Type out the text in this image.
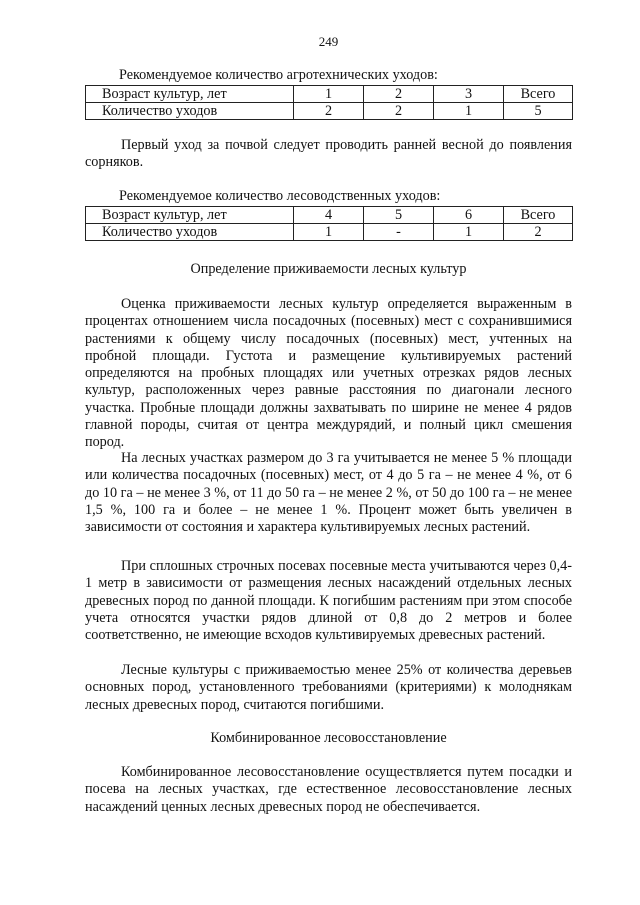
249
Рекомендуемое количество агротехнических уходов:
Возраст культур, лет	1	2	3	Всего
Количество уходов	2	2	1	5
Первый уход за почвой следует проводить ранней весной до появления сорняков.
Рекомендуемое количество лесоводственных уходов:
Возраст культур, лет	4	5	6	Всего
Количество уходов	1	-	1	2
Определение приживаемости лесных культур
Оценка приживаемости лесных культур определяется выраженным в процентах отношением числа посадочных (посевных) мест с сохранившимися растениями к общему числу посадочных (посевных) мест, учтенных на пробной площади. Густота и размещение культивируемых растений определяются на пробных площадях или учетных отрезках рядов лесных культур, расположенных через равные расстояния по диагонали лесного участка. Пробные площади должны захватывать по ширине не менее 4 рядов главной породы, считая от центра междурядий, и полный цикл смешения пород.
На лесных участках размером до 3 га учитывается не менее 5 % площади или количества посадочных (посевных) мест, от 4 до 5 га – не менее 4 %, от 6 до 10 га – не менее 3 %, от 11 до 50 га – не менее 2 %, от 50 до 100 га – не менее 1,5 %, 100 га и более – не менее 1 %. Процент может быть увеличен в зависимости от состояния и характера культивируемых лесных растений.
При сплошных строчных посевах посевные места учитываются через 0,4-1 метр в зависимости от размещения лесных насаждений отдельных лесных древесных пород по данной площади. К погибшим растениям при этом способе учета относятся участки рядов длиной от 0,8 до 2 метров и более соответственно, не имеющие всходов культивируемых древесных растений.
Лесные культуры с приживаемостью менее 25% от количества деревьев основных пород, установленного требованиями (критериями) к молоднякам лесных древесных пород, считаются погибшими.
Комбинированное лесовосстановление
Комбинированное лесовосстановление осуществляется путем посадки и посева на лесных участках, где естественное лесовосстановление лесных насаждений ценных лесных древесных пород не обеспечивается.
